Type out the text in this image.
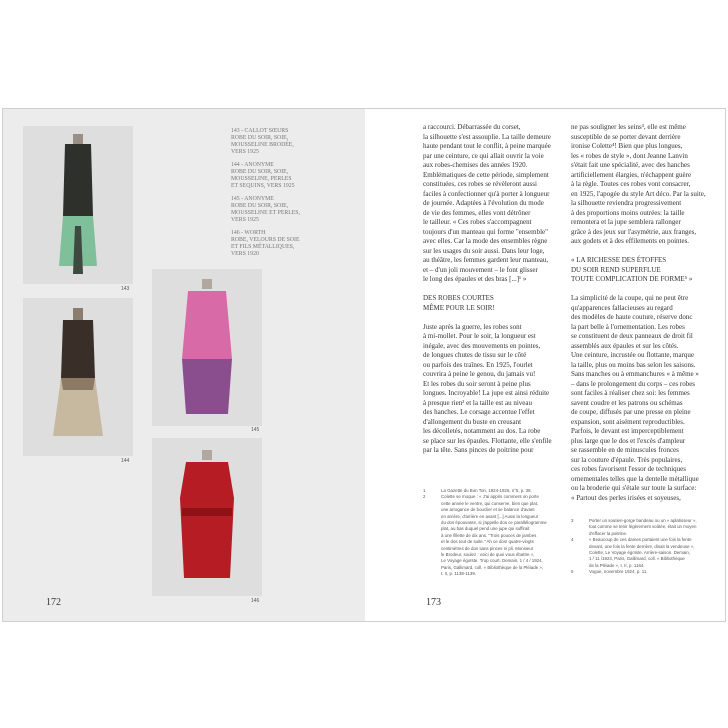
143
144
145
146

143 - CALLOT SŒURS
ROBE DU SOIR, SOIE,
MOUSSELINE BRODÉE,
VERS 1925

144 - ANONYME
ROBE DU SOIR, SOIE,
MOUSSELINE, PERLES
ET SEQUINS, VERS 1925

145 - ANONYME
ROBE DU SOIR, SOIE,
MOUSSELINE ET PERLES,
VERS 1925

146 - WORTH
ROBE, VELOURS DE SOIE
ET FILS MÉTALLIQUES,
VERS 1920

172

a raccourci. Débarrassée du corset,

la silhouette s'est assouplie. La taille demeure

haute pendant tout le conflit, à peine marquée

par une ceinture, ce qui allait ouvrir la voie

aux robes-chemises des années 1920.

Emblématiques de cette période, simplement

constituées, ces robes se révèleront aussi

faciles à confectionner qu'à porter à longueur

de journée. Adaptées à l'évolution du mode

de vie des femmes, elles vont détrôner

le tailleur. « Ces robes s'accompagnent

toujours d'un manteau qui forme "ensemble"

avec elles. Car la mode des ensembles règne

sur les usages du soir aussi. Dans leur loge,

au théâtre, les femmes gardent leur manteau,

et – d'un joli mouvement – le font glisser

le long des épaules et des bras [...]¹ »

DES ROBES COURTES

MÊME POUR LE SOIR!

Juste après la guerre, les robes sont

à mi-mollet. Pour le soir, la longueur est

inégale, avec des mouvements en pointes,

de longues chutes de tissu sur le côté

ou parfois des traînes. En 1925, l'ourlet

couvrira à peine le genou, du jamais vu!

Et les robes du soir seront à peine plus

longues. Incroyable! La jupe est ainsi réduite

à presque rien² et la taille est au niveau

des hanches. Le corsage accentue l'effet

d'allongement du buste en creusant

les décolletés, notamment au dos. La robe

se place sur les épaules. Flottante, elle s'enfile

par la tête. Sans pinces de poitrine pour

ne pas souligner les seins³, elle est même

susceptible de se porter devant derrière

ironise Colette⁴! Bien que plus longues,

les « robes de style », dont Jeanne Lanvin

s'était fait une spécialité, avec des hanches

artificiellement élargies, n'échappent guère

à la règle. Toutes ces robes vont consacrer,

en 1925, l'apogée du style Art déco. Par la suite,

la silhouette reviendra progressivement

à des proportions moins outrées: la taille

remontera et la jupe semblera rallonger

grâce à des jeux sur l'asymétrie, aux franges,

aux godets et à des effilements en pointes.

« LA RICHESSE DES ÉTOFFES

DU SOIR REND SUPERFLUE

TOUTE COMPLICATION DE FORME⁵ »

La simplicité de la coupe, qui ne peut être

qu'apparences fallacieuses au regard

des modèles de haute couture, réserve donc

la part belle à l'ornementation. Les robes

se constituent de deux panneaux de droit fil

assemblés aux épaules et sur les côtés.

Une ceinture, incrustée ou flottante, marque

la taille, plus ou moins bas selon les saisons.

Sans manches ou à emmanchures « à même »

– dans le prolongement du corps – ces robes

sont faciles à réaliser chez soi: les femmes

savent coudre et les patrons ou schémas

de coupe, diffusés par une presse en pleine

expansion, sont aisément reproductibles.

Parfois, le devant est imperceptiblement

plus large que le dos et l'excès d'ampleur

se rassemble en de minuscules fronces

sur la couture d'épaule. Très populaires,

ces robes favorisent l'essor de techniques

ornementales telles que la dentelle métallique

ou la broderie qui s'étale sur toute la surface:

« Partout des perles irisées et soyeuses,

1	La Gazette du Bon Ton, 1924-1925, n°5, p. 38.
2	Colette se moque : « J'ai appris comment on porte
cette année le ventre, qui conserve, bien que plat,
une arrogance de bouclier et se balance d'avant
en arrière, d'arrière en avant [...] Aussi la longueur
du dos épouvante, si j'appelle dos ce parallélogramme
plat, au bas duquel pend une jupe qui suffirait
à une fillette de dix ans. "Trois pouces de jambes
et le dos tout de suite." Ah ce dos! quatre-vingts
centimètres de dos sans pinces ni pli. Monsieur
le Brodeur, soulez : voici de quoi vous ébattre »,
Le Voyage égoïste. Trop court. Demain, 1 / 4 / 1924,
Paris, Gallimard, coll. « Bibliothèque de la Pléiade »,
t. II, p. 1138-1139.
3	Porter un soutien-gorge bandeau ou un « aplatisseur »,
tout comme se tenir légèrement voûtée, était un moyen
d'effacer la poitrine.
4	« Beaucoup de ces dames portaient une fois la fente
devant, une fois la fente derrière, disait la vendeuse »,
Colette, Le Voyage égoïste. Arrière-saison. Demain,
1 / 11 /1924, Paris, Gallimard, coll. « Bibliothèque
de la Pléiade », t. II, p. 1164.
5	Vogue, novembre 1924, p. 11.
173
